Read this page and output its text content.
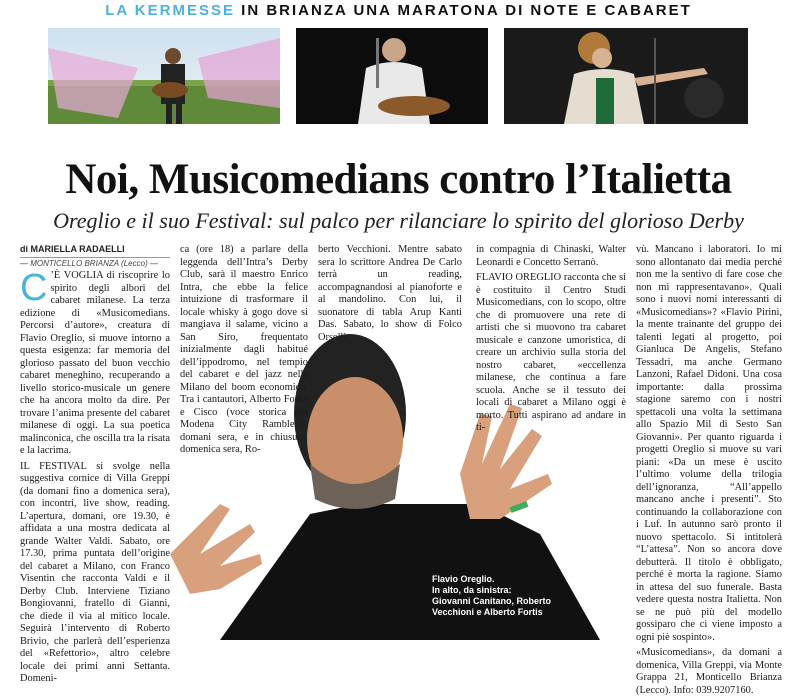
LA KERMESSE IN BRIANZA UNA MARATONA DI NOTE E CABARET
Noi, Musicomedians contro l’Italietta
Oreglio e il suo Festival: sul palco per rilanciare lo spirito del glorioso Derby
di MARIELLA RADAELLI
— MONTICELLO BRIANZA (Lecco) —
Flavio Oreglio.
In alto, da sinistra: Giovanni Canitano, Roberto Vecchioni e Alberto Fortis

C ’È VOGLIA di riscoprire lo spirito degli albori del cabaret milanese. La terza edizione di «Musicomedians. Percorsi d’autore», creatura di Flavio Oreglio, si muove intorno a questa esigenza: far memoria del glorioso passato del buon vecchio cabaret meneghino, recuperando a livello storico-musicale un genere che ha ancora molto da dire. Per trovare l’anima presente del cabaret milanese di oggi. La sua poetica malinconica, che oscilla tra la risata e la lacrima.

IL FESTIVAL si svolge nella suggestiva cornice di Villa Greppi (da domani fino a domenica sera), con incontri, live show, reading. L’apertura, domani, ore 19.30, è affidata a una mostra dedicata al grande Walter Valdi. Sabato, ore 17.30, prima puntata dell’origine del cabaret a Milano, con Franco Visentin che racconta Valdi e il Derby Club. Interviene Tiziano Bongiovanni, fratello di Gianni, che diede il via al mitico locale. Seguirà l’intervento di Roberto Brivio, che parlerà dell’esperienza del «Refettorio», altro celebre locale dei primi anni Settanta. Domeni-

ca (ore 18) a parlare della leggenda dell’Intra’s Derby Club, sarà il maestro Enrico Intra, che ebbe la felice intuizione di trasformare il locale whisky à gogo dove si mangiava il salame, vicino a San Siro, frequentato inizialmente dagli habitué dell’ippodromo, nel tempio del cabaret e del jazz nella Milano del boom economico. Tra i cantautori, Alberto Fortis e Cisco (voce storica dei Modena City Ramblers), domani sera, e in chiusura, domenica sera, Ro-

berto Vecchioni. Mentre sabato sera lo scrittore Andrea De Carlo terrà un reading, accompagnandosi al pianoforte e al mandolino. Con lui, il suonatore di tabla Arup Kanti Das. Sabato, lo show di Folco Orselli,

in compagnia di Chinaski, Walter Leonardi e Concetto Serranò.

FLAVIO OREGLIO racconta che si è costituito il Centro Studi Musicomedians, con lo scopo, oltre che di promuovere una rete di artisti che si muovono tra cabaret musicale e canzone umoristica, di creare un archivio sulla storia del nostro cabaret, «eccellenza milanese, che continua a fare scuola. Anche se il tessuto dei locali di cabaret a Milano oggi è morto. Tutti aspirano ad andare in ti-

vù. Mancano i laboratori. Io mi sono allontanato dai media perché non me la sentivo di fare cose che non mi rappresentavano». Quali sono i nuovi nomi interessanti di «Musicomedians»? «Flavio Pirini, la mente trainante del gruppo dei talenti legati al progetto, poi Gianluca De Angelis, Stefano Tessadri, ma anche Germano Lanzoni, Rafael Didoni. Una cosa importante: dalla prossima stagione saremo con i nostri spettacoli una volta la settimana allo Spazio Mil di Sesto San Giovanni». Per quanto riguarda i progetti Oreglio si muove su vari piani: «Da un mese è uscito l’ultimo volume della trilogia dell’ignoranza, “All’appello mancano anche i presenti”. Sto continuando la collaborazione con i Luf. In autunno sarò pronto il nuovo spettacolo. Si intitolerà “L’attesa”. Non so ancora dove debutterà. Il titolo è obbligato, perché è morta la ragione. Siamo in attesa del suo funerale. Basta vedere questa nostra Italietta. Non se ne può più del modello gossiparo che ci viene imposto a ogni piè sospinto».

«Musicomedians», da domani a domenica, Villa Greppi, via Monte Grappa 21, Monticello Brianza (Lecco). Info: 039.9207160.
